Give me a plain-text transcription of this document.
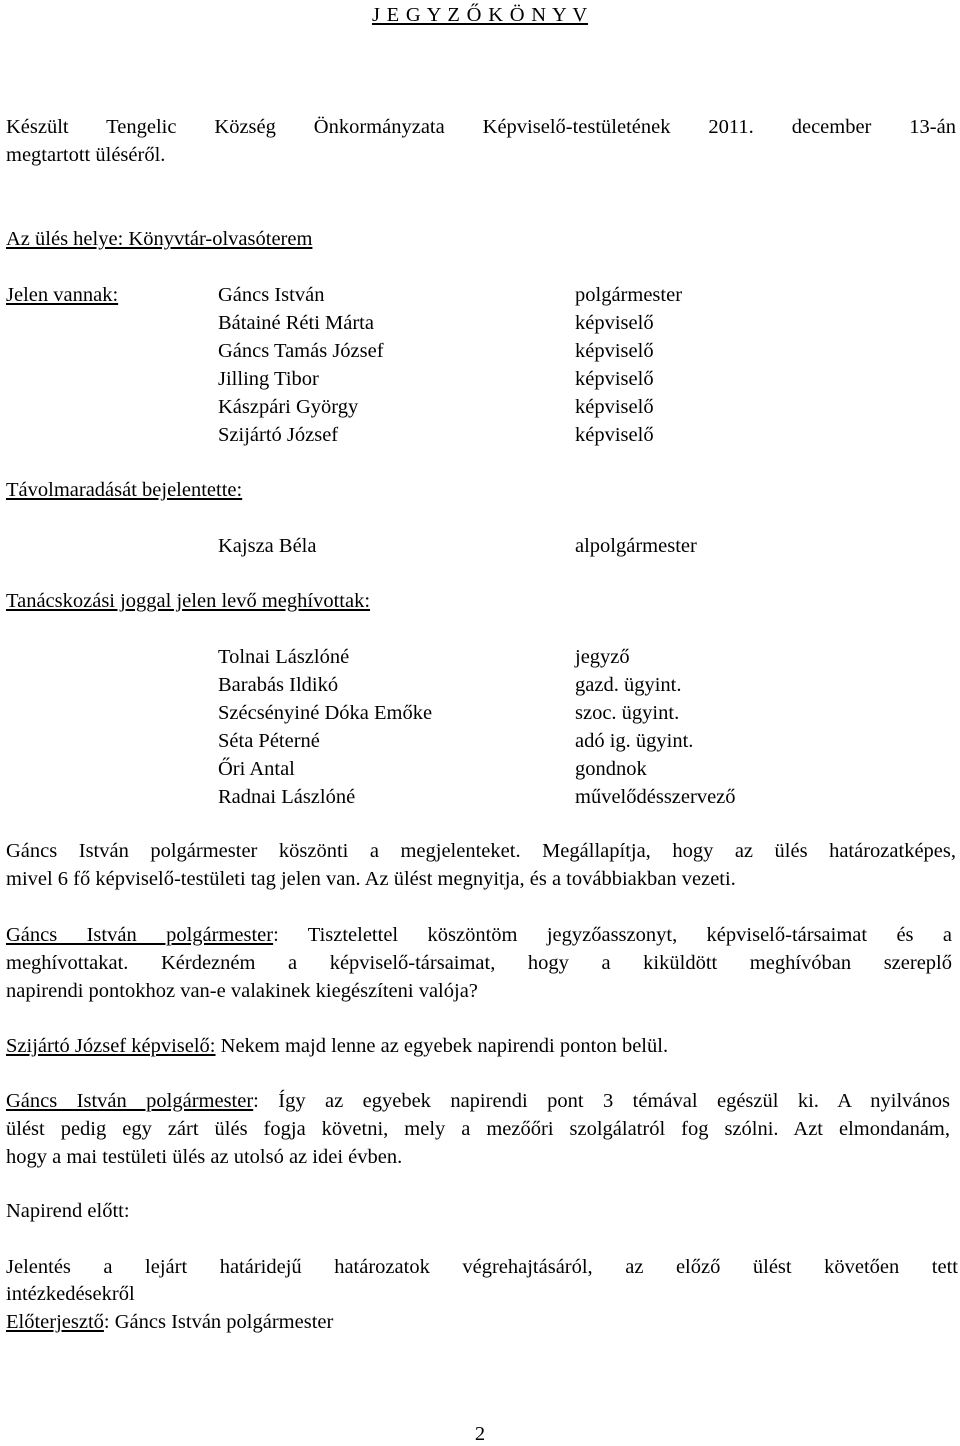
J E G Y Z Ő K Ö N Y V
Készült Tengelic Község Önkormányzata Képviselő-testületének 2011. december 13-án
megtartott üléséről.
Az ülés helye: Könyvtár-olvasóterem
Jelen vannak:	Gáncs István	polgármester
Bátainé Réti Márta	képviselő
Gáncs Tamás József	képviselő
Jilling Tibor	képviselő
Kászpári György	képviselő
Szijártó József	képviselő
Távolmaradását bejelentette:
Kajsza Béla	alpolgármester
Tanácskozási joggal jelen levő meghívottak:
Tolnai Lászlóné	jegyző
Barabás Ildikó	gazd. ügyint.
Szécsényiné Dóka Emőke	szoc. ügyint.
Séta Péterné	adó ig. ügyint.
Őri Antal	gondnok
Radnai Lászlóné	művelődésszervező
Gáncs István polgármester köszönti a megjelenteket. Megállapítja, hogy az ülés határozatképes,
mivel 6 fő képviselő-testületi tag jelen van. Az ülést megnyitja, és a továbbiakban vezeti.
Gáncs István polgármester: Tisztelettel köszöntöm jegyzőasszonyt, képviselő-társaimat és a
meghívottakat. Kérdezném a képviselő-társaimat, hogy a kiküldött meghívóban szereplő
napirendi pontokhoz van-e valakinek kiegészíteni valója?
Szijártó József képviselő: Nekem majd lenne az egyebek napirendi ponton belül.
Gáncs István polgármester: Így az egyebek napirendi pont 3 témával egészül ki. A nyilvános
ülést pedig egy zárt ülés fogja követni, mely a mezőőri szolgálatról fog szólni. Azt elmondanám,
hogy a mai testületi ülés az utolsó az idei évben.
Napirend előtt:
Jelentés a lejárt határidejű határozatok végrehajtásáról, az előző ülést követően tett
intézkedésekről
Előterjesztő: Gáncs István polgármester
2
